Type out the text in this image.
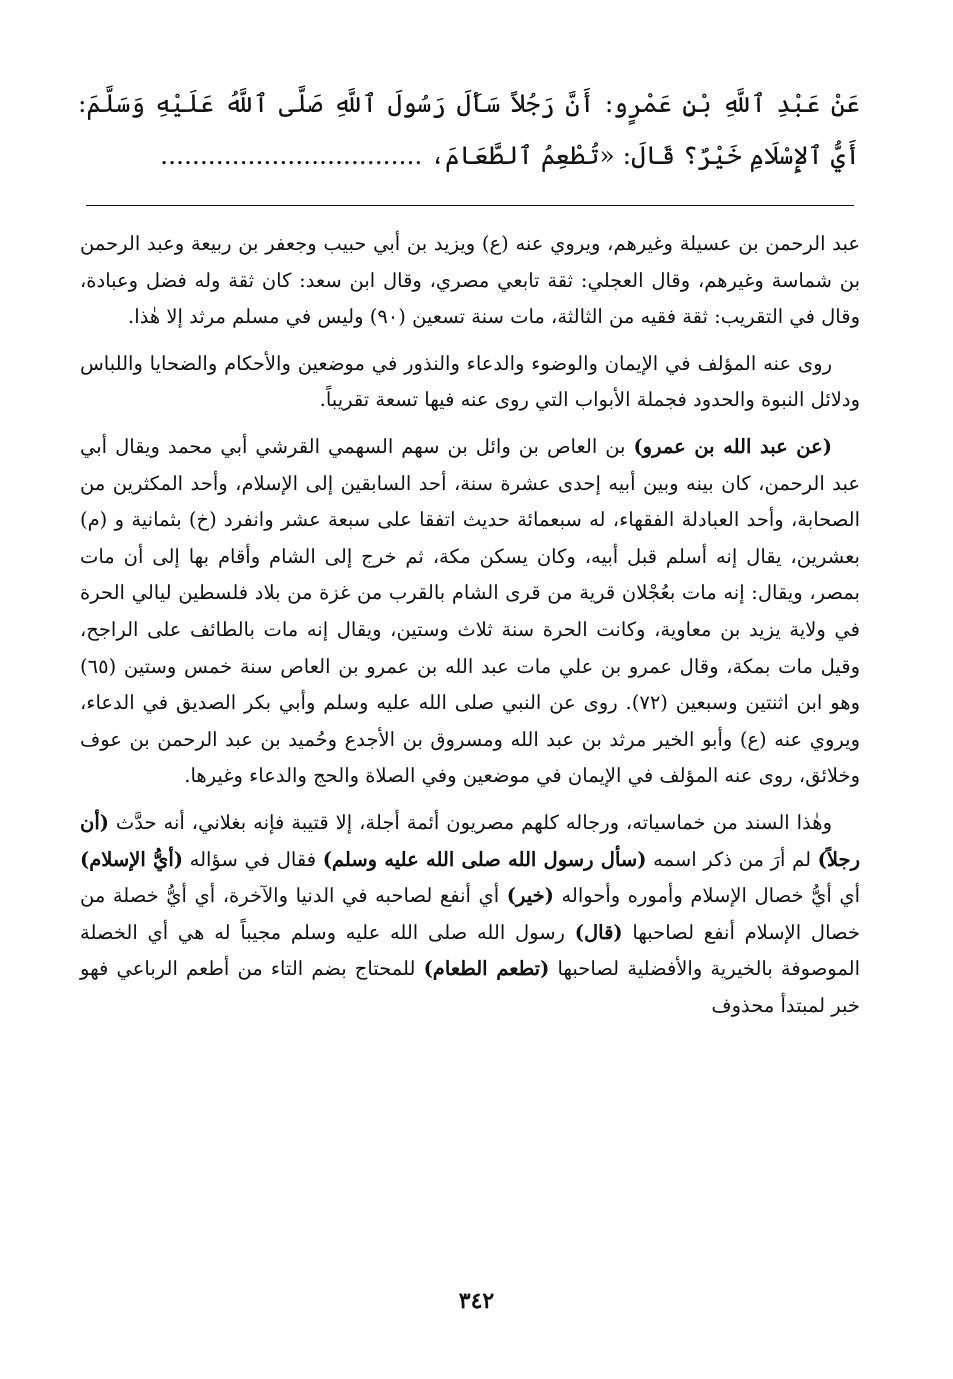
عَنْ عَبْدِ ٱللَّهِ بْنِ عَمْرٍو: أَنَّ رَجُلاً سَأَلَ رَسُولَ ٱللَّهِ صَلَّى ٱللَّهُ عَلَيْهِ وَسَلَّمَ: أَيُّ ٱلإِسْلَامِ خَيْرٌ؟ قَالَ: «تُطْعِمُ ٱلطَّعَامَ، .................................

عبد الرحمن بن عسيلة وغيرهم، ويروي عنه (ع) ويزيد بن أبي حبيب وجعفر بن ربيعة وعبد الرحمن بن شماسة وغيرهم، وقال العجلي: ثقة تابعي مصري، وقال ابن سعد: كان ثقة وله فضل وعبادة، وقال في التقريب: ثقة فقيه من الثالثة، مات سنة تسعين (٩٠) وليس في مسلم مرثد إلا هٰذا.

روى عنه المؤلف في الإيمان والوضوء والدعاء والنذور في موضعين والأحكام والضحايا واللباس ودلائل النبوة والحدود فجملة الأبواب التي روى عنه فيها تسعة تقريباً.

(عن عبد الله بن عمرو) بن العاص بن وائل بن سهم السهمي القرشي أبي محمد ويقال أبي عبد الرحمن، كان بينه وبين أبيه إحدى عشرة سنة، أحد السابقين إلى الإسلام، وأحد المكثرين من الصحابة، وأحد العبادلة الفقهاء، له سبعمائة حديث اتفقا على سبعة عشر وانفرد (خ) بثمانية و (م) بعشرين، يقال إنه أسلم قبل أبيه، وكان يسكن مكة، ثم خرج إلى الشام وأقام بها إلى أن مات بمصر، ويقال: إنه مات بعُجْلان قرية من قرى الشام بالقرب من غزة من بلاد فلسطين ليالي الحرة في ولاية يزيد بن معاوية، وكانت الحرة سنة ثلاث وستين، ويقال إنه مات بالطائف على الراجح، وقيل مات بمكة، وقال عمرو بن علي مات عبد الله بن عمرو بن العاص سنة خمس وستين (٦٥) وهو ابن اثنتين وسبعين (٧٢). روى عن النبي صلى الله عليه وسلم وأبي بكر الصديق في الدعاء، ويروي عنه (ع) وأبو الخير مرثد بن عبد الله ومسروق بن الأجدع وحُميد بن عبد الرحمن بن عوف وخلائق، روى عنه المؤلف في الإيمان في موضعين وفي الصلاة والحج والدعاء وغيرها.

وهٰذا السند من خماسياته، ورجاله كلهم مصريون أئمة أجلة، إلا قتيبة فإنه بغلاني، أنه حدَّث (أن رجلاً) لم أرَ من ذكر اسمه (سأل رسول الله صلى الله عليه وسلم) فقال في سؤاله (أيُّ الإسلام) أي أيُّ خصال الإسلام وأموره وأحواله (خير) أي أنفع لصاحبه في الدنيا والآخرة، أي أيُّ خصلة من خصال الإسلام أنفع لصاحبها (قال) رسول الله صلى الله عليه وسلم مجيباً له هي أي الخصلة الموصوفة بالخيرية والأفضلية لصاحبها (تطعم الطعام) للمحتاج بضم التاء من أطعم الرباعي فهو خبر لمبتدأ محذوف

٣٤٢
